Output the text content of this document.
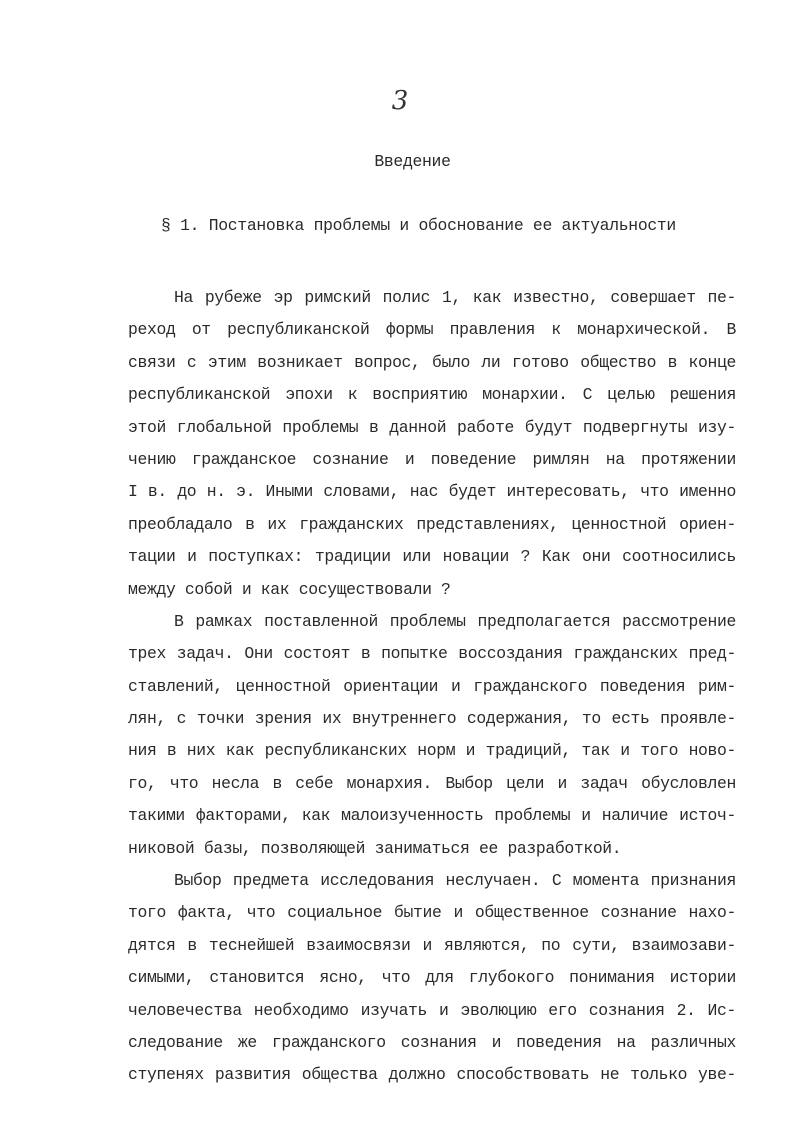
3
Введение
§ 1. Постановка проблемы и обоснование ее актуальности
На рубеже эр римский полис 1, как известно, совершает пе-
реход от республиканской формы правления к монархической. В
связи с этим возникает вопрос, было ли готово общество в конце
республиканской эпохи к восприятию монархии. С целью решения
этой глобальной проблемы в данной работе будут подвергнуты изу-
чению гражданское сознание и поведение римлян на протяжении
I в. до н. э. Иными словами, нас будет интересовать, что именно
преобладало в их гражданских представлениях, ценностной ориен-
тации и поступках: традиции или новации ? Как они соотносились
между собой и как сосуществовали ?
В рамках поставленной проблемы предполагается рассмотрение
трех задач. Они состоят в попытке воссоздания гражданских пред-
ставлений, ценностной ориентации и гражданского поведения рим-
лян, с точки зрения их внутреннего содержания, то есть проявле-
ния в них как республиканских норм и традиций, так и того ново-
го, что несла в себе монархия. Выбор цели и задач обусловлен
такими факторами, как малоизученность проблемы и наличие источ-
никовой базы, позволяющей заниматься ее разработкой.
Выбор предмета исследования неслучаен. С момента признания
того факта, что социальное бытие и общественное сознание нахо-
дятся в теснейшей взаимосвязи и являются, по сути, взаимозави-
симыми, становится ясно, что для глубокого понимания истории
человечества необходимо изучать и эволюцию его сознания 2. Ис-
следование же гражданского сознания и поведения на различных
ступенях развития общества должно способствовать не только уве-
